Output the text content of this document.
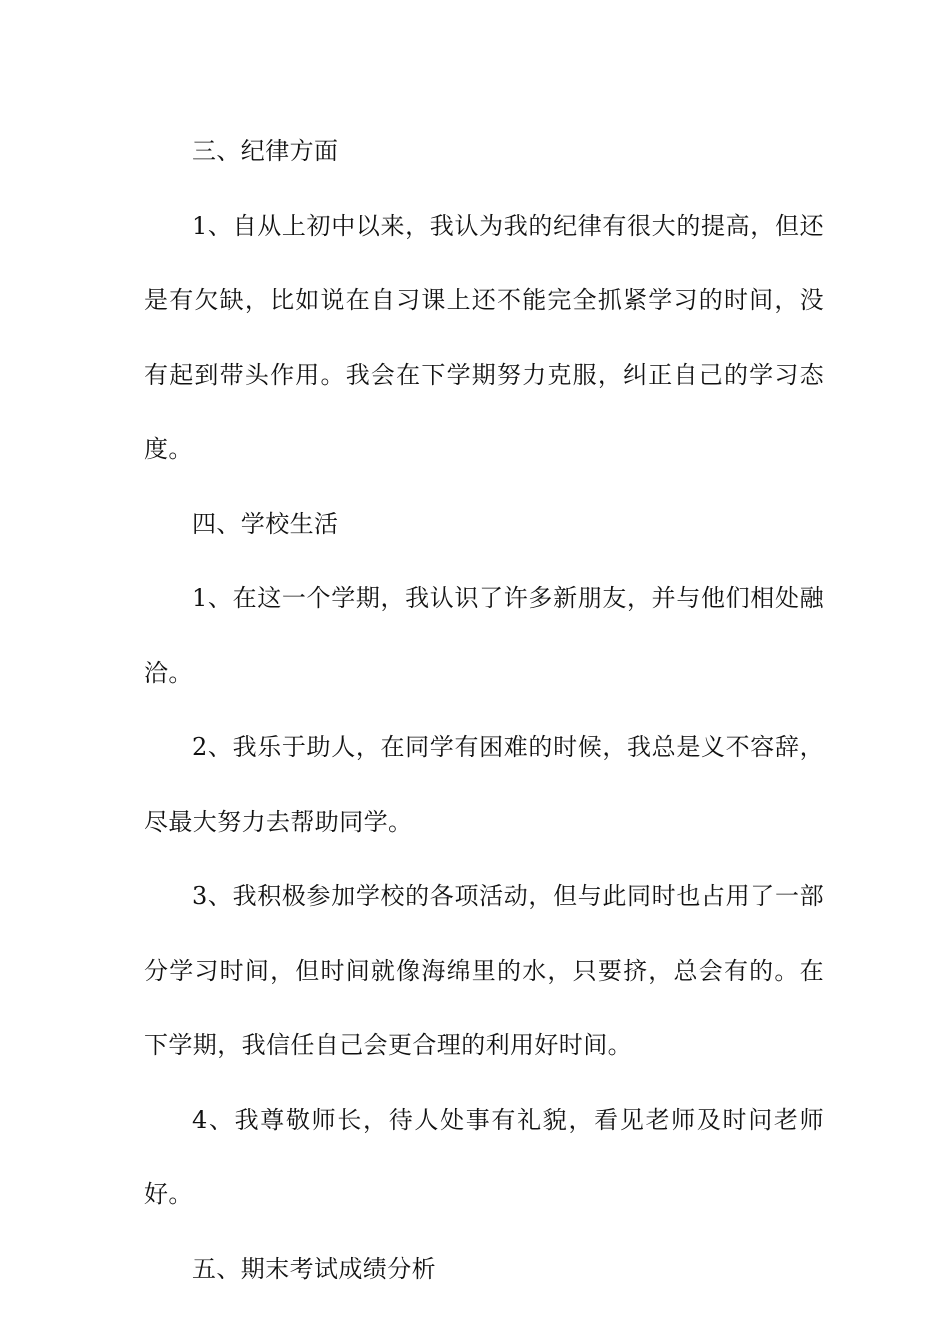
三、纪律方面

1、自从上初中以来，我认为我的纪律有很大的提高，但还是有欠缺，比如说在自习课上还不能完全抓紧学习的时间，没有起到带头作用。我会在下学期努力克服，纠正自己的学习态度。

四、学校生活

1、在这一个学期，我认识了许多新朋友，并与他们相处融洽。

2、我乐于助人，在同学有困难的时候，我总是义不容辞，尽最大努力去帮助同学。

3、我积极参加学校的各项活动，但与此同时也占用了一部分学习时间，但时间就像海绵里的水，只要挤，总会有的。在下学期，我信任自己会更合理的利用好时间。

4、我尊敬师长，待人处事有礼貌，看见老师及时问老师好。

五、期末考试成绩分析
